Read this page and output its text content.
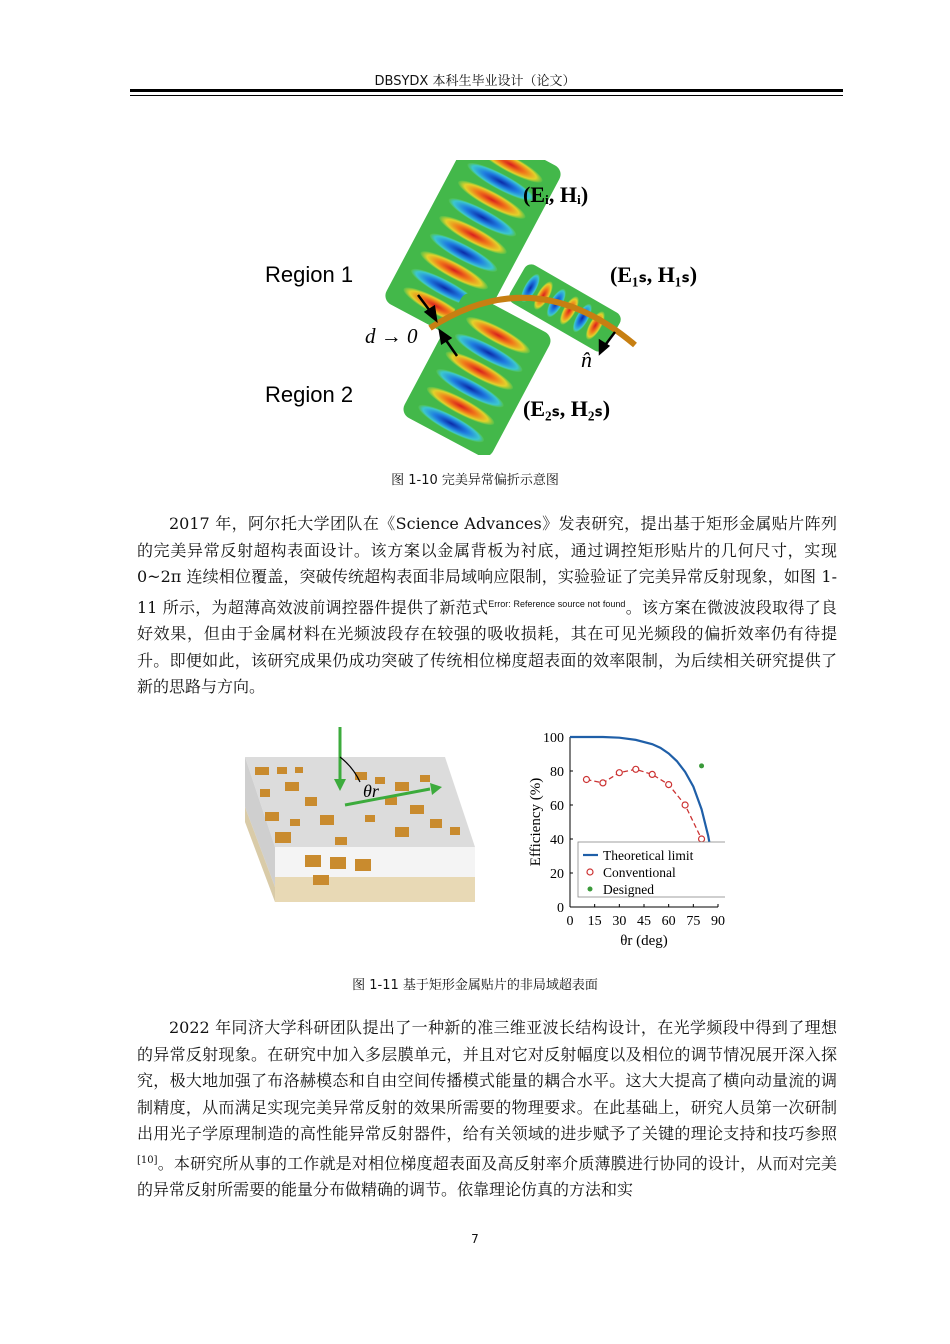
DBSYDX 本科生毕业设计（论文）
Region 1
Region 2
d → 0
n̂
(Eᵢ, Hᵢ)
(E₁ₛ, H₁ₛ)
(E₂ₛ, H₂ₛ)
图 1-10 完美异常偏折示意图

2017 年，阿尔托大学团队在《Science Advances》发表研究，提出基于矩形金属贴片阵列的完美异常反射超构表面设计。该方案以金属背板为衬底，通过调控矩形贴片的几何尺寸，实现 0~2π 连续相位覆盖，突破传统超构表面非局域响应限制，实验验证了完美异常反射现象，如图 1-11 所示，为超薄高效波前调控器件提供了新范式$^{Error: Reference source not found}$。该方案在微波波段取得了良好效果，但由于金属材料在光频波段存在较强的吸收损耗，其在可见光频段的偏折效率仍有待提升。即便如此，该研究成果仍成功突破了传统相位梯度超表面的效率限制，为后续相关研究提供了新的思路与方向。

θr
0 15 30 45 60 75 90
0
20
40
60
80
100
θr (deg)
Efficiency (%)	Theoretical limit
Conventional
Designed
图 1-11 基于矩形金属贴片的非局域超表面

2022 年同济大学科研团队提出了一种新的准三维亚波长结构设计，在光学频段中得到了理想的异常反射现象。在研究中加入多层膜单元，并且对它对反射幅度以及相位的调节情况展开深入探究，极大地加强了布洛赫模态和自由空间传播模式能量的耦合水平。这大大提高了横向动量流的调制精度，从而满足实现完美异常反射的效果所需要的物理要求。在此基础上，研究人员第一次研制出用光子学原理制造的高性能异常反射器件，给有关领域的进步赋予了关键的理论支持和技巧参照[10]。本研究所从事的工作就是对相位梯度超表面及高反射率介质薄膜进行协同的设计，从而对完美的异常反射所需要的能量分布做精确的调节。依靠理论仿真的方法和实

7
